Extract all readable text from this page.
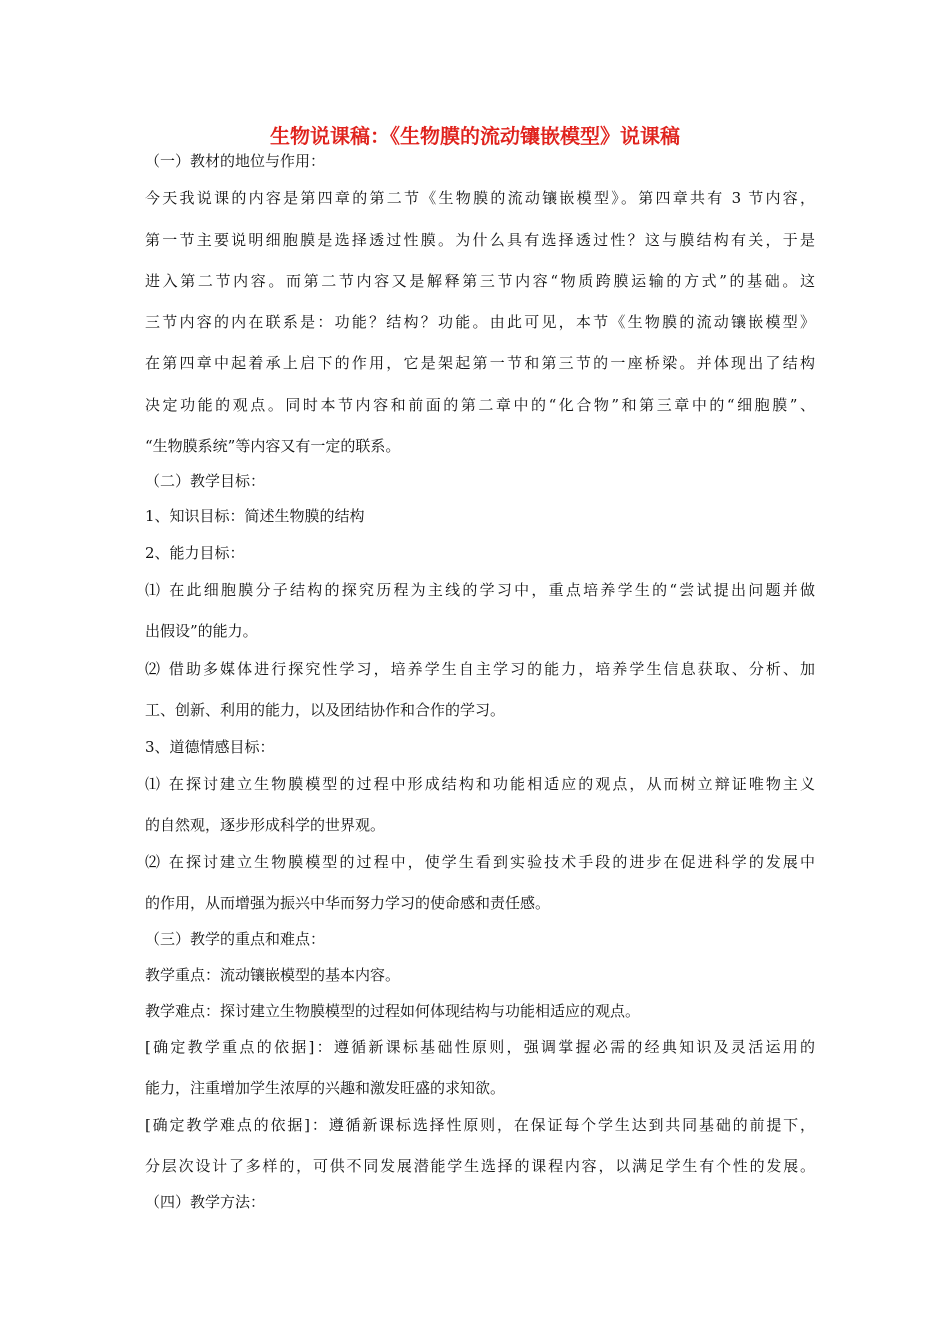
生物说课稿：《生物膜的流动镶嵌模型》说课稿

（一）教材的地位与作用：

今天我说课的内容是第四章的第二节《生物膜的流动镶嵌模型》。第四章共有 3 节内容，

第一节主要说明细胞膜是选择透过性膜。为什么具有选择透过性？这与膜结构有关，于是

进入第二节内容。而第二节内容又是解释第三节内容“物质跨膜运输的方式”的基础。这

三节内容的内在联系是：功能？结构？功能。由此可见，本节《生物膜的流动镶嵌模型》

在第四章中起着承上启下的作用，它是架起第一节和第三节的一座桥梁。并体现出了结构

决定功能的观点。同时本节内容和前面的第二章中的“化合物”和第三章中的“细胞膜”、

“生物膜系统”等内容又有一定的联系。

（二）教学目标：

1、知识目标：简述生物膜的结构

2、能力目标：

⑴ 在此细胞膜分子结构的探究历程为主线的学习中，重点培养学生的“尝试提出问题并做

出假设”的能力。

⑵ 借助多媒体进行探究性学习，培养学生自主学习的能力，培养学生信息获取、分析、加

工、创新、利用的能力，以及团结协作和合作的学习。

3、道德情感目标：

⑴ 在探讨建立生物膜模型的过程中形成结构和功能相适应的观点，从而树立辩证唯物主义

的自然观，逐步形成科学的世界观。

⑵ 在探讨建立生物膜模型的过程中，使学生看到实验技术手段的进步在促进科学的发展中

的作用，从而增强为振兴中华而努力学习的使命感和责任感。

（三）教学的重点和难点：

教学重点：流动镶嵌模型的基本内容。

教学难点：探讨建立生物膜模型的过程如何体现结构与功能相适应的观点。

[确定教学重点的依据]：遵循新课标基础性原则，强调掌握必需的经典知识及灵活运用的

能力，注重增加学生浓厚的兴趣和激发旺盛的求知欲。

[确定教学难点的依据]：遵循新课标选择性原则，在保证每个学生达到共同基础的前提下，

分层次设计了多样的，可供不同发展潜能学生选择的课程内容，以满足学生有个性的发展。

（四）教学方法：
